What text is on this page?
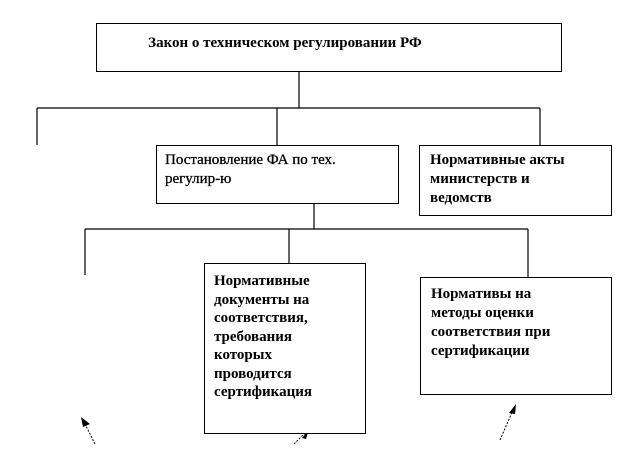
Закон о техническом регулировании РФ
Постановление ФА по тех.
регулир-ю
Нормативные акты
министерств и
ведомств
Нормативные
документы на
соответствия,
требования
которых
проводится
сертификация
Нормативы на
методы оценки
соответствия при
сертификации
